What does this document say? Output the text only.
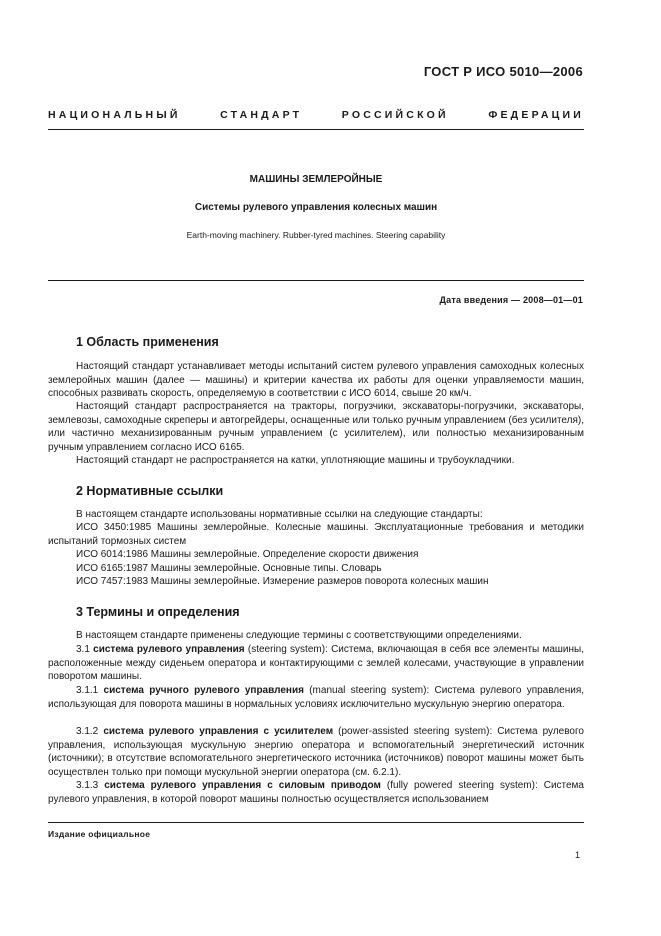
ГОСТ Р ИСО 5010—2006
НАЦИОНАЛЬНЫЙ СТАНДАРТ РОССИЙСКОЙ ФЕДЕРАЦИИ
МАШИНЫ ЗЕМЛЕРОЙНЫЕ
Системы рулевого управления колесных машин
Earth-moving machinery. Rubber-tyred machines. Steering capability
Дата введения — 2008—01—01
1 Область применения
Настоящий стандарт устанавливает методы испытаний систем рулевого управления самоходных колесных землеройных машин (далее — машины) и критерии качества их работы для оценки управляемости машин, способных развивать скорость, определяемую в соответствии с ИСО 6014, свыше 20 км/ч.
Настоящий стандарт распространяется на тракторы, погрузчики, экскаваторы-погрузчики, экскаваторы, землевозы, самоходные скреперы и автогрейдеры, оснащенные или только ручным управлением (без усилителя), или частично механизированным ручным управлением (с усилителем), или полностью механизированным ручным управлением согласно ИСО 6165.
Настоящий стандарт не распространяется на катки, уплотняющие машины и трубоукладчики.
2 Нормативные ссылки
В настоящем стандарте использованы нормативные ссылки на следующие стандарты:
ИСО 3450:1985 Машины землеройные. Колесные машины. Эксплуатационные требования и методики испытаний тормозных систем
ИСО 6014:1986 Машины землеройные. Определение скорости движения
ИСО 6165:1987 Машины землеройные. Основные типы. Словарь
ИСО 7457:1983 Машины землеройные. Измерение размеров поворота колесных машин
3 Термины и определения
В настоящем стандарте применены следующие термины с соответствующими определениями.
3.1 система рулевого управления (steering system): Система, включающая в себя все элементы машины, расположенные между сиденьем оператора и контактирующими с землей колесами, участвующие в управлении поворотом машины.
3.1.1 система ручного рулевого управления (manual steering system): Система рулевого управления, использующая для поворота машины в нормальных условиях исключительно мускульную энергию оператора.
3.1.2 система рулевого управления с усилителем (power-assisted steering system): Система рулевого управления, использующая мускульную энергию оператора и вспомогательный энергетический источник (источники); в отсутствие вспомогательного энергетического источника (источников) поворот машины может быть осуществлен только при помощи мускульной энергии оператора (см. 6.2.1).
3.1.3 система рулевого управления с силовым приводом (fully powered steering system): Система рулевого управления, в которой поворот машины полностью осуществляется использованием
Издание официальное
1
